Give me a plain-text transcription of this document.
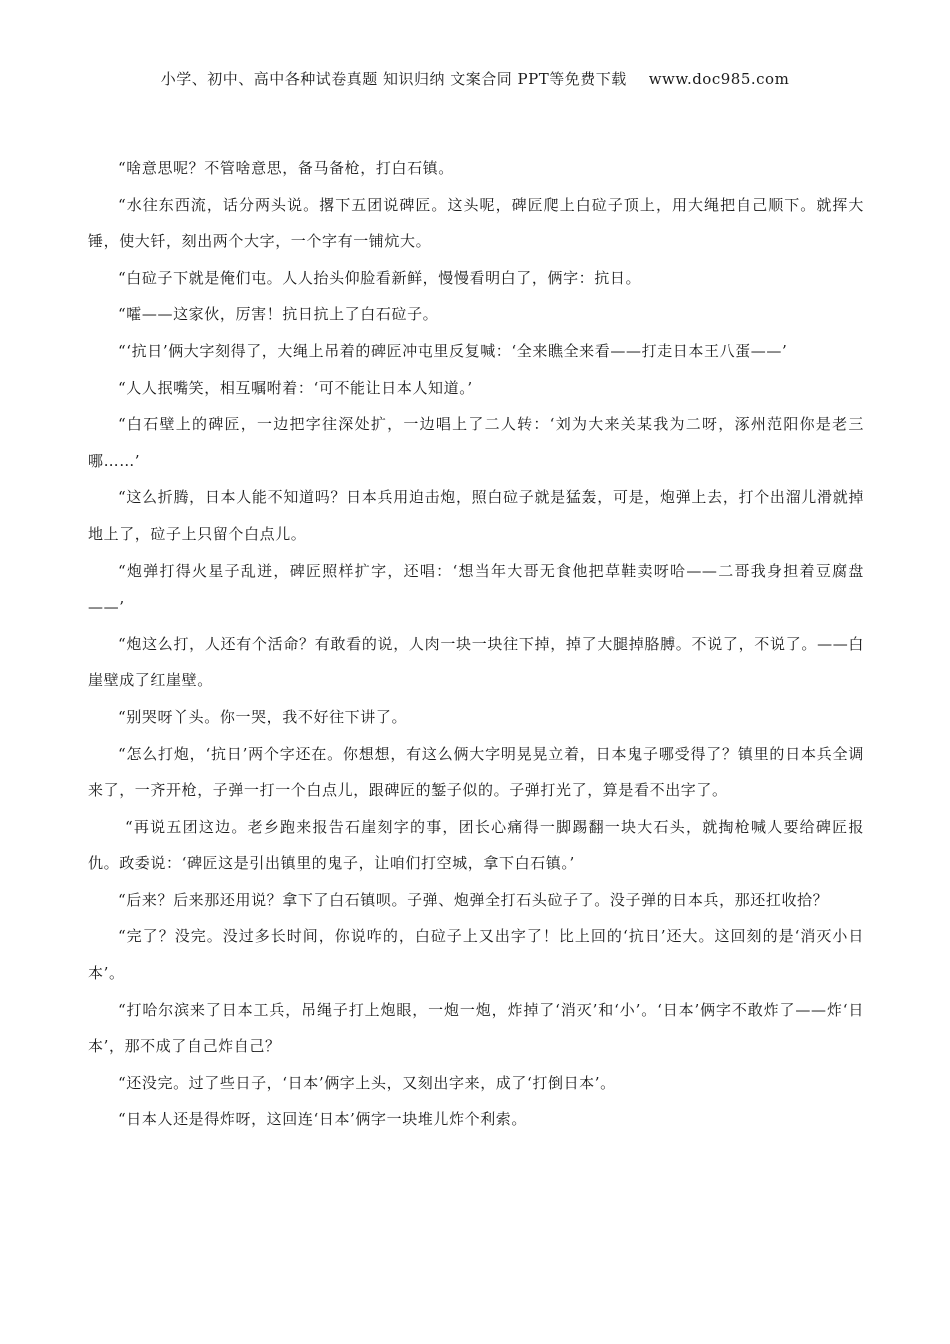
小学、初中、高中各种试卷真题 知识归纳 文案合同 PPT等免费下载 www.doc985.com

“啥意思呢？不管啥意思，备马备枪，打白石镇。

“水往东西流，话分两头说。撂下五团说碑匠。这头呢，碑匠爬上白砬子顶上，用大绳把自己顺下。就挥大锤，使大钎，刻出两个大字，一个字有一铺炕大。

“白砬子下就是俺们屯。人人抬头仰脸看新鲜，慢慢看明白了，俩字：抗日。

“嚯——这家伙，厉害！抗日抗上了白石砬子。

“‘抗日’俩大字刻得了，大绳上吊着的碑匠冲屯里反复喊：‘全来瞧全来看——打走日本王八蛋——’

“人人抿嘴笑，相互嘱咐着：‘可不能让日本人知道。’

“白石壁上的碑匠，一边把字往深处扩，一边唱上了二人转：‘刘为大来关某我为二呀，涿州范阳你是老三哪……’

“这么折腾，日本人能不知道吗？日本兵用迫击炮，照白砬子就是猛轰，可是，炮弹上去，打个出溜儿滑就掉地上了，砬子上只留个白点儿。

“炮弹打得火星子乱迸，碑匠照样扩字，还唱：‘想当年大哥无食他把草鞋卖呀哈——二哥我身担着豆腐盘——’

“炮这么打，人还有个活命？有敢看的说，人肉一块一块往下掉，掉了大腿掉胳膊。不说了，不说了。——白崖壁成了红崖壁。

“别哭呀丫头。你一哭，我不好往下讲了。

“怎么打炮，‘抗日’两个字还在。你想想，有这么俩大字明晃晃立着，日本鬼子哪受得了？镇里的日本兵全调来了，一齐开枪，子弹一打一个白点儿，跟碑匠的錾子似的。子弹打光了，算是看不出字了。

“再说五团这边。老乡跑来报告石崖刻字的事，团长心痛得一脚踢翻一块大石头，就掏枪喊人要给碑匠报仇。政委说：‘碑匠这是引出镇里的鬼子，让咱们打空城，拿下白石镇。’

“后来？后来那还用说？拿下了白石镇呗。子弹、炮弹全打石头砬子了。没子弹的日本兵，那还扛收拾？

“完了？没完。没过多长时间，你说咋的，白砬子上又出字了！比上回的‘抗日’还大。这回刻的是‘消灭小日本’。

“打哈尔滨来了日本工兵，吊绳子打上炮眼，一炮一炮，炸掉了‘消灭’和‘小’。‘日本’俩字不敢炸了——炸‘日本’，那不成了自己炸自己？

“还没完。过了些日子，‘日本’俩字上头，又刻出字来，成了‘打倒日本’。

“日本人还是得炸呀，这回连‘日本’俩字一块堆儿炸个利索。
